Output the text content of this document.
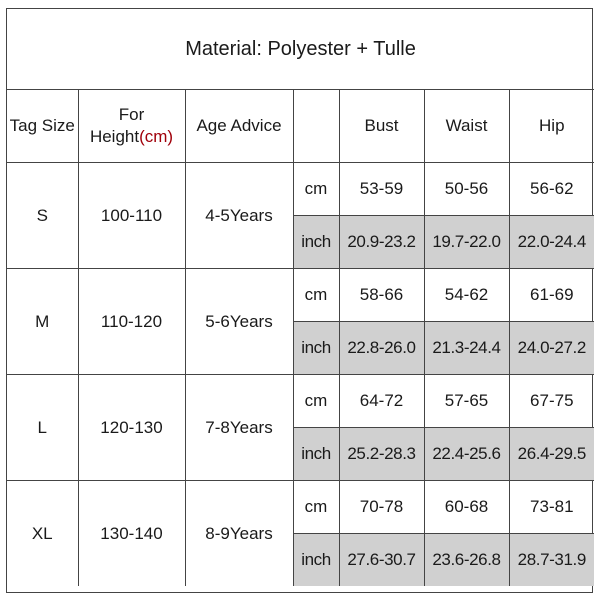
Material: Polyester + Tulle						
Tag Size	For Height(cm)	Age Advice		Bust	Waist	Hip
S	100-110	4-5Years	cm	53-59	50-56	56-62
			inch	20.9-23.2	19.7-22.0	22.0-24.4
M	110-120	5-6Years	cm	58-66	54-62	61-69
			inch	22.8-26.0	21.3-24.4	24.0-27.2
L	120-130	7-8Years	cm	64-72	57-65	67-75
			inch	25.2-28.3	22.4-25.6	26.4-29.5
XL	130-140	8-9Years	cm	70-78	60-68	73-81
			inch	27.6-30.7	23.6-26.8	28.7-31.9
